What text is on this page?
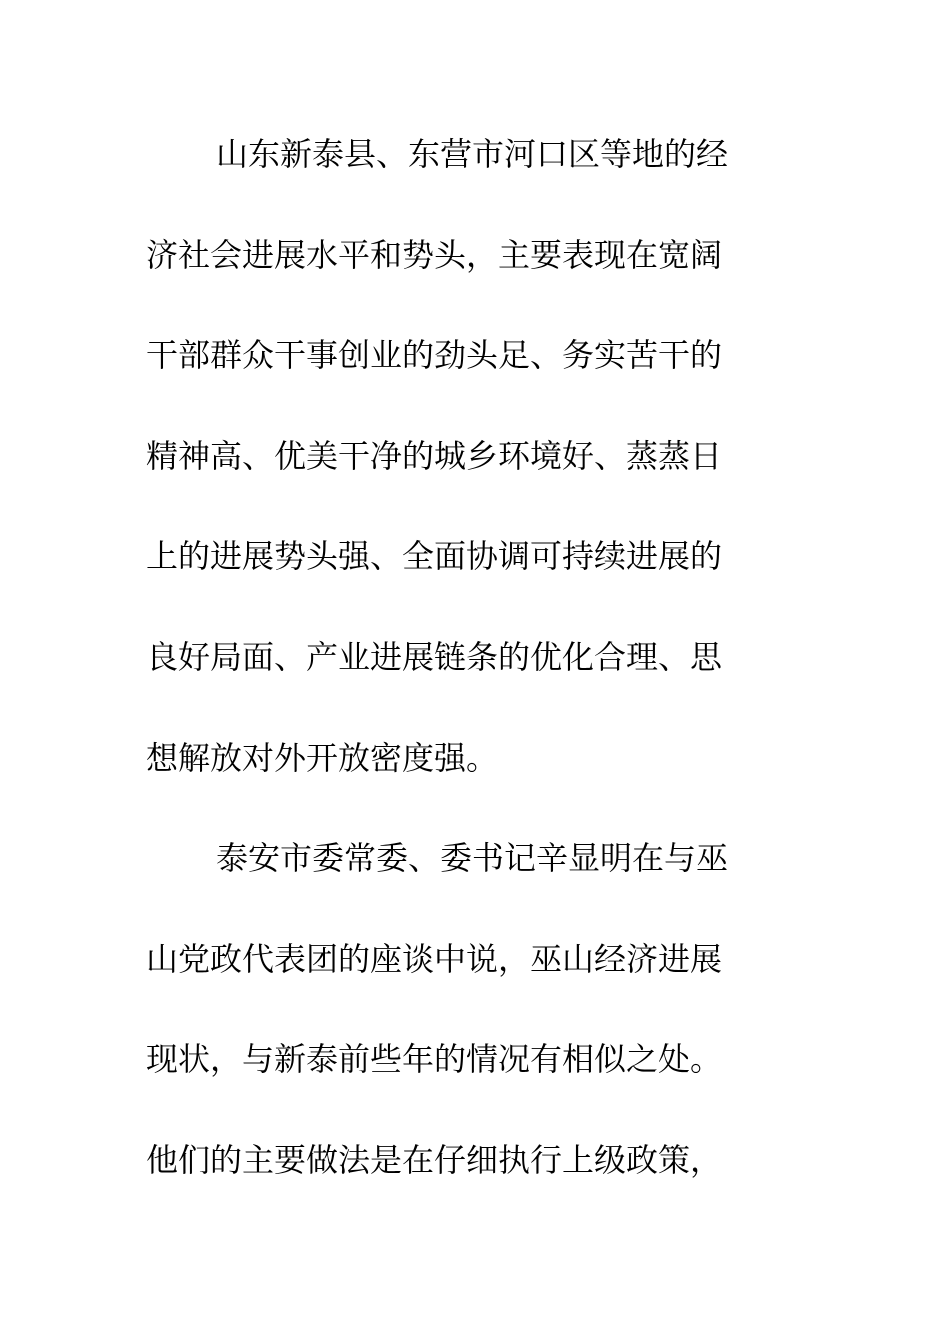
山东新泰县、东营市河口区等地的经
济社会进展水平和势头，主要表现在宽阔
干部群众干事创业的劲头足、务实苦干的
精神高、优美干净的城乡环境好、蒸蒸日
上的进展势头强、全面协调可持续进展的
良好局面、产业进展链条的优化合理、思
想解放对外开放密度强。
泰安市委常委、委书记辛显明在与巫
山党政代表团的座谈中说，巫山经济进展
现状，与新泰前些年的情况有相似之处。
他们的主要做法是在仔细执行上级政策，
